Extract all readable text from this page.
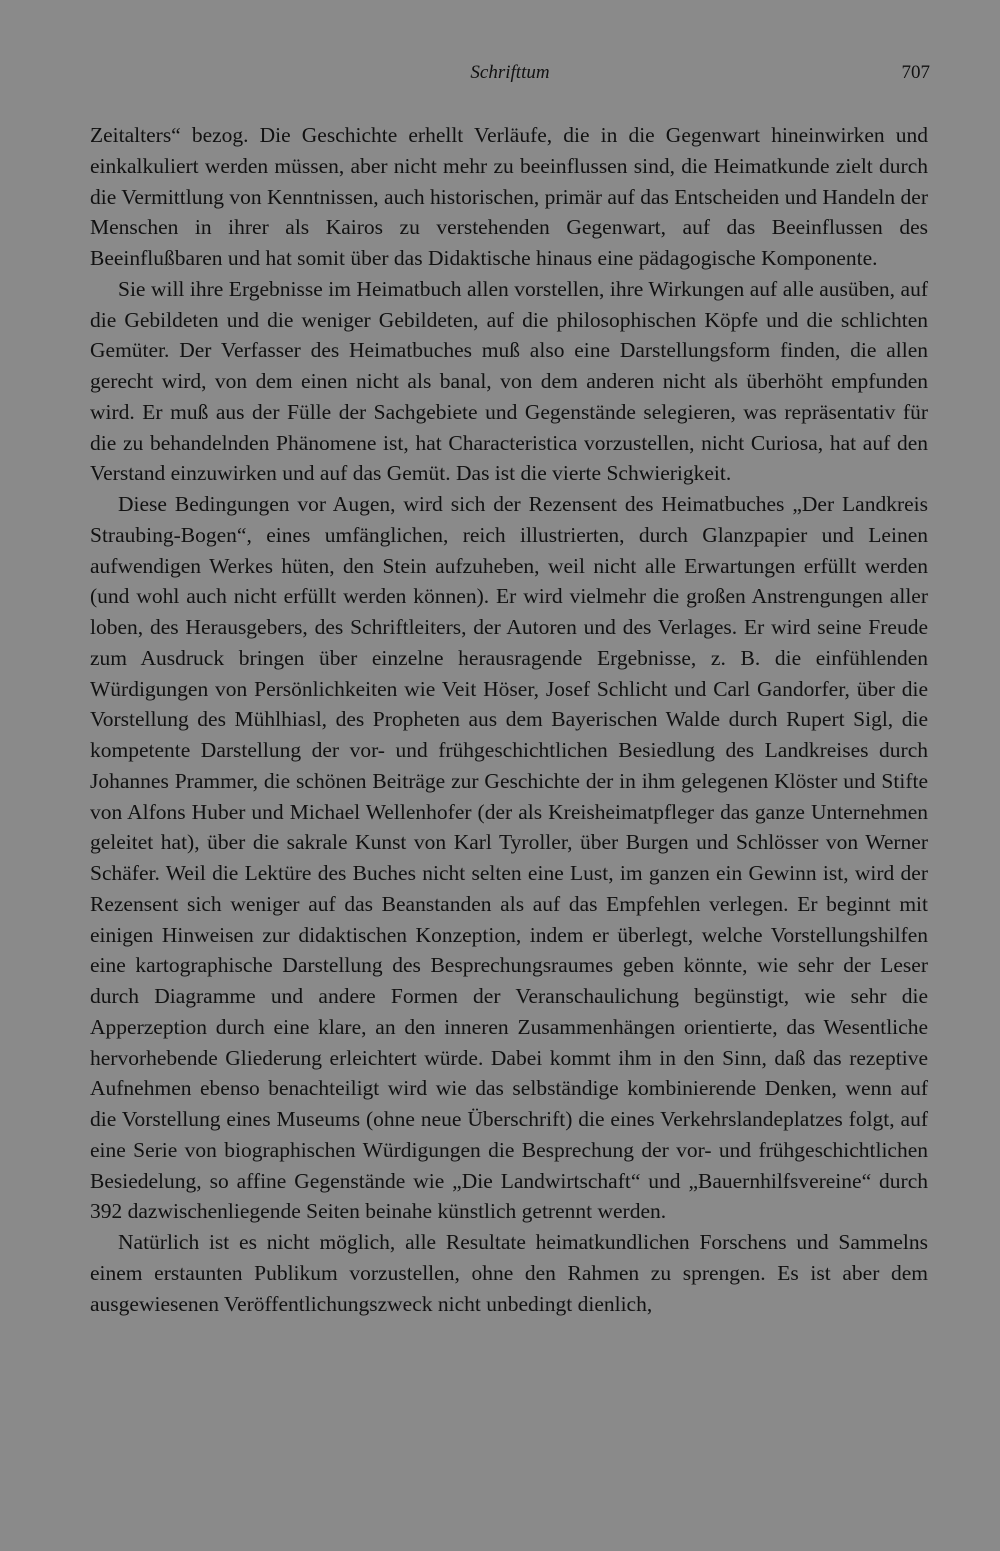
Schrifttum	707

Zeitalters“ bezog. Die Geschichte erhellt Verläufe, die in die Gegenwart hineinwirken und einkalkuliert werden müssen, aber nicht mehr zu beeinflussen sind, die Heimatkunde zielt durch die Vermittlung von Kenntnissen, auch historischen, primär auf das Entscheiden und Handeln der Menschen in ihrer als Kairos zu verstehenden Gegenwart, auf das Beeinflussen des Beeinflußbaren und hat somit über das Didaktische hinaus eine pädagogische Komponente.

Sie will ihre Ergebnisse im Heimatbuch allen vorstellen, ihre Wirkungen auf alle ausüben, auf die Gebildeten und die weniger Gebildeten, auf die philosophischen Köpfe und die schlichten Gemüter. Der Verfasser des Heimatbuches muß also eine Darstellungsform finden, die allen gerecht wird, von dem einen nicht als banal, von dem anderen nicht als überhöht empfunden wird. Er muß aus der Fülle der Sachgebiete und Gegenstände selegieren, was repräsentativ für die zu behandelnden Phänomene ist, hat Characteristica vorzustellen, nicht Curiosa, hat auf den Verstand einzuwirken und auf das Gemüt. Das ist die vierte Schwierigkeit.

Diese Bedingungen vor Augen, wird sich der Rezensent des Heimatbuches „Der Landkreis Straubing-Bogen“, eines umfänglichen, reich illustrierten, durch Glanzpapier und Leinen aufwendigen Werkes hüten, den Stein aufzuheben, weil nicht alle Erwartungen erfüllt werden (und wohl auch nicht erfüllt werden können). Er wird vielmehr die großen Anstrengungen aller loben, des Herausgebers, des Schriftleiters, der Autoren und des Verlages. Er wird seine Freude zum Ausdruck bringen über einzelne herausragende Ergebnisse, z. B. die einfühlenden Würdigungen von Persönlichkeiten wie Veit Höser, Josef Schlicht und Carl Gandorfer, über die Vorstellung des Mühlhiasl, des Propheten aus dem Bayerischen Walde durch Rupert Sigl, die kompetente Darstellung der vor- und frühgeschichtlichen Besiedlung des Landkreises durch Johannes Prammer, die schönen Beiträge zur Geschichte der in ihm gelegenen Klöster und Stifte von Alfons Huber und Michael Wellenhofer (der als Kreisheimatpfleger das ganze Unternehmen geleitet hat), über die sakrale Kunst von Karl Tyroller, über Burgen und Schlösser von Werner Schäfer. Weil die Lektüre des Buches nicht selten eine Lust, im ganzen ein Gewinn ist, wird der Rezensent sich weniger auf das Beanstanden als auf das Empfehlen verlegen. Er beginnt mit einigen Hinweisen zur didaktischen Konzeption, indem er überlegt, welche Vorstellungshilfen eine kartographische Darstellung des Besprechungsraumes geben könnte, wie sehr der Leser durch Diagramme und andere Formen der Veranschaulichung begünstigt, wie sehr die Apperzeption durch eine klare, an den inneren Zusammenhängen orientierte, das Wesentliche hervorhebende Gliederung erleichtert würde. Dabei kommt ihm in den Sinn, daß das rezeptive Aufnehmen ebenso benachteiligt wird wie das selbständige kombinierende Denken, wenn auf die Vorstellung eines Museums (ohne neue Überschrift) die eines Verkehrslandeplatzes folgt, auf eine Serie von biographischen Würdigungen die Besprechung der vor- und frühgeschichtlichen Besiedelung, so affine Gegenstände wie „Die Landwirtschaft“ und „Bauernhilfsvereine“ durch 392 dazwischenliegende Seiten beinahe künstlich getrennt werden.

Natürlich ist es nicht möglich, alle Resultate heimatkundlichen Forschens und Sammelns einem erstaunten Publikum vorzustellen, ohne den Rahmen zu sprengen. Es ist aber dem ausgewiesenen Veröffentlichungszweck nicht unbedingt dienlich,
